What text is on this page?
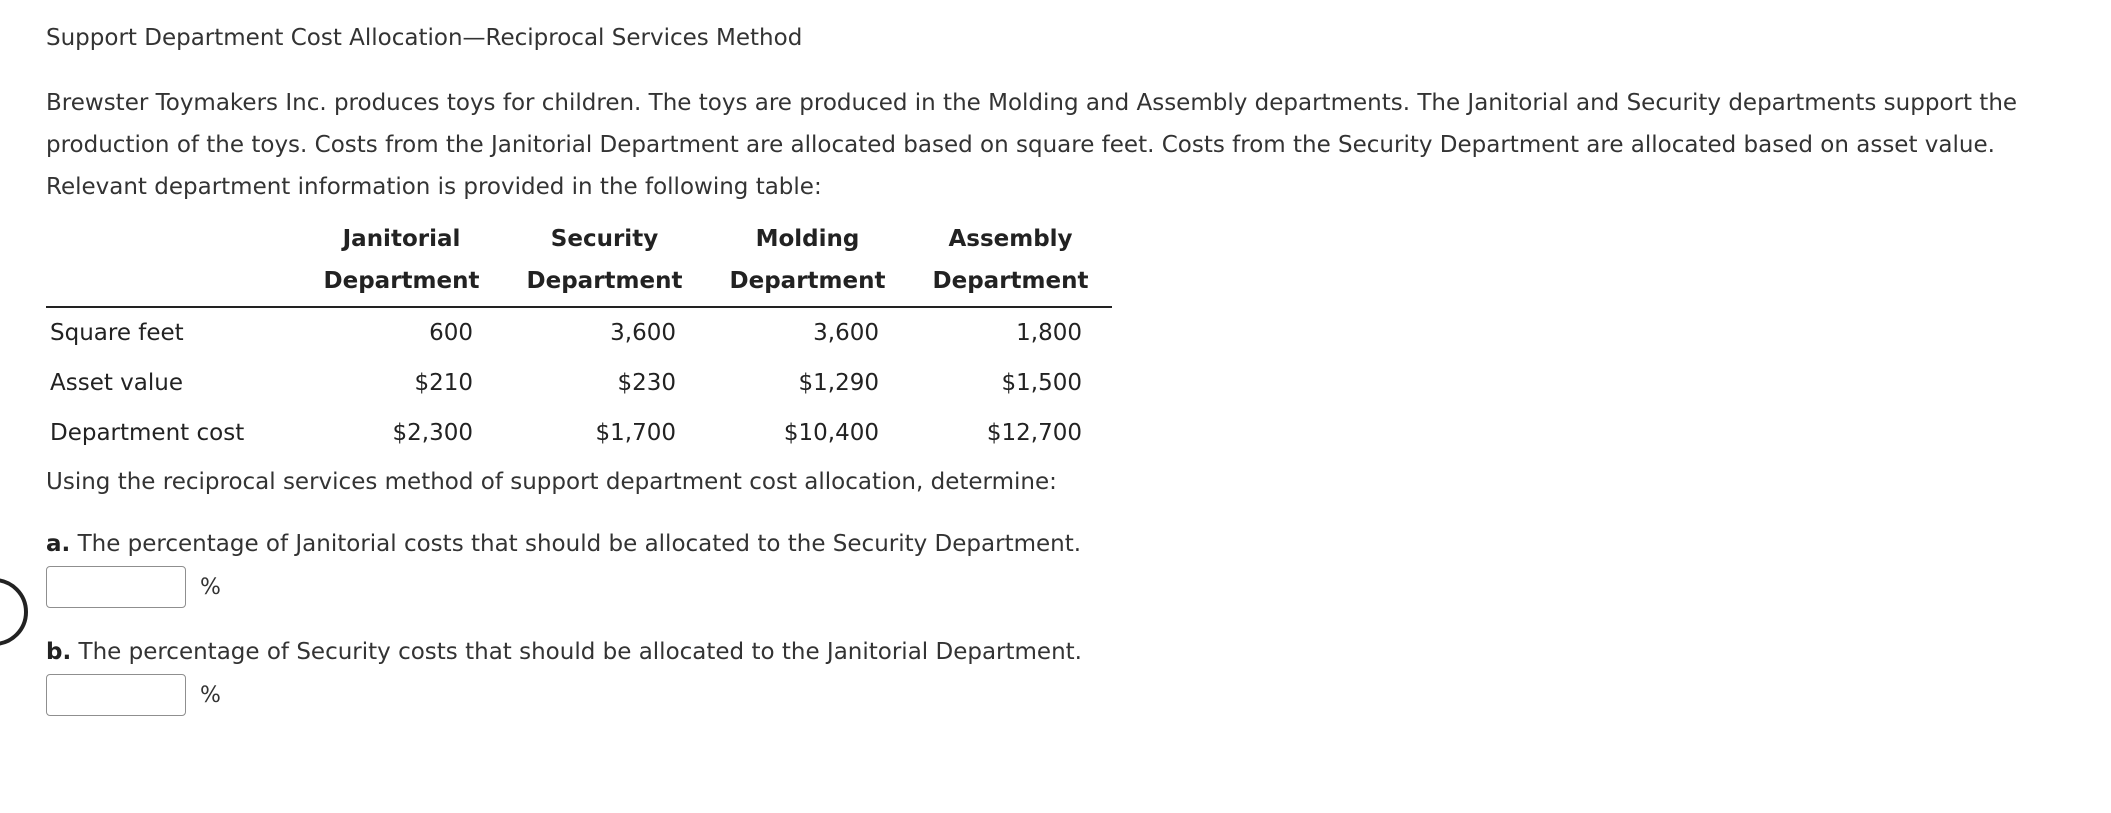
Support Department Cost Allocation—Reciprocal Services Method

Brewster Toymakers Inc. produces toys for children. The toys are produced in the Molding and Assembly departments. The Janitorial and Security departments support the production of the toys. Costs from the Janitorial Department are allocated based on square feet. Costs from the Security Department are allocated based on asset value. Relevant department information is provided in the following table:

	Janitorial	Security	Molding	Assembly
	Department	Department	Department	Department
Square feet	600	3,600	3,600	1,800
Asset value	$210	$230	$1,290	$1,500
Department cost	$2,300	$1,700	$10,400	$12,700

Using the reciprocal services method of support department cost allocation, determine:

a. The percentage of Janitorial costs that should be allocated to the Security Department.

%

b. The percentage of Security costs that should be allocated to the Janitorial Department.

%
